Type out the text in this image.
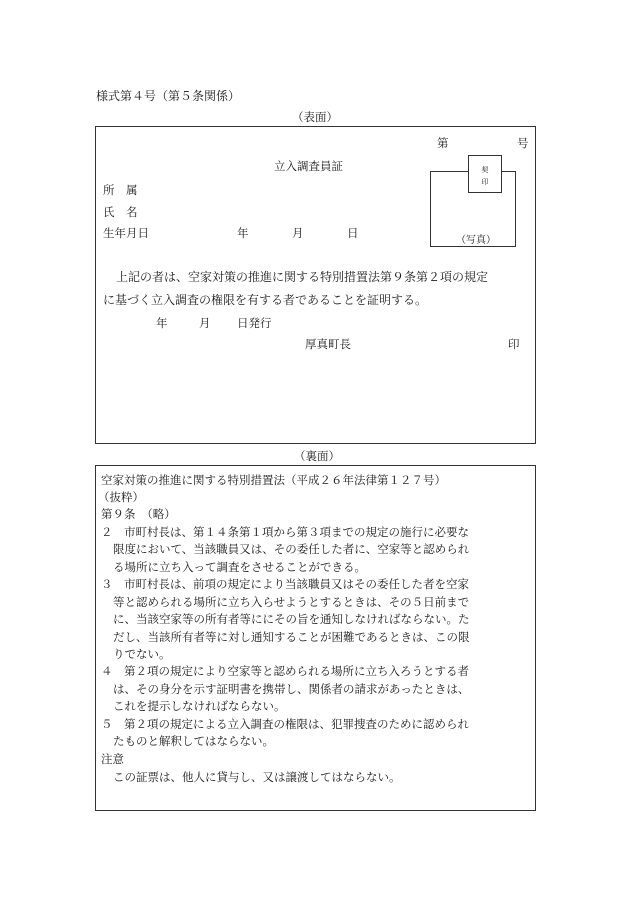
様式第４号（第５条関係）
（表面）
第	号
立入調査員証
（写真）
契
印
所 属
氏 名
生年月日	年	月	日
上記の者は、空家対策の推進に関する特別措置法第９条第２項の規定
に基づく立入調査の権限を有する者であることを証明する。
年	月 日発行
厚真町長	印
（裏面）
空家対策の推進に関する特別措置法（平成２６年法律第１２７号）
（抜粋）
第９条　（略）
２　市町村長は、第１４条第１項から第３項までの規定の施行に必要な
限度において、当該職員又は、その委任した者に、空家等と認められ
る場所に立ち入って調査をさせることができる。
３　市町村長は、前項の規定により当該職員又はその委任した者を空家
等と認められる場所に立ち入らせようとするときは、その５日前まで
に、当該空家等の所有者等ににその旨を通知しなければならない。た
だし、当該所有者等に対し通知することが困難であるときは、この限
りでない。
４　第２項の規定により空家等と認められる場所に立ち入ろうとする者
は、その身分を示す証明書を携帯し、関係者の請求があったときは、
これを提示しなければならない。
５　第２項の規定による立入調査の権限は、犯罪捜査のために認められ
たものと解釈してはならない。
注意
この証票は、他人に貸与し、又は譲渡してはならない。
